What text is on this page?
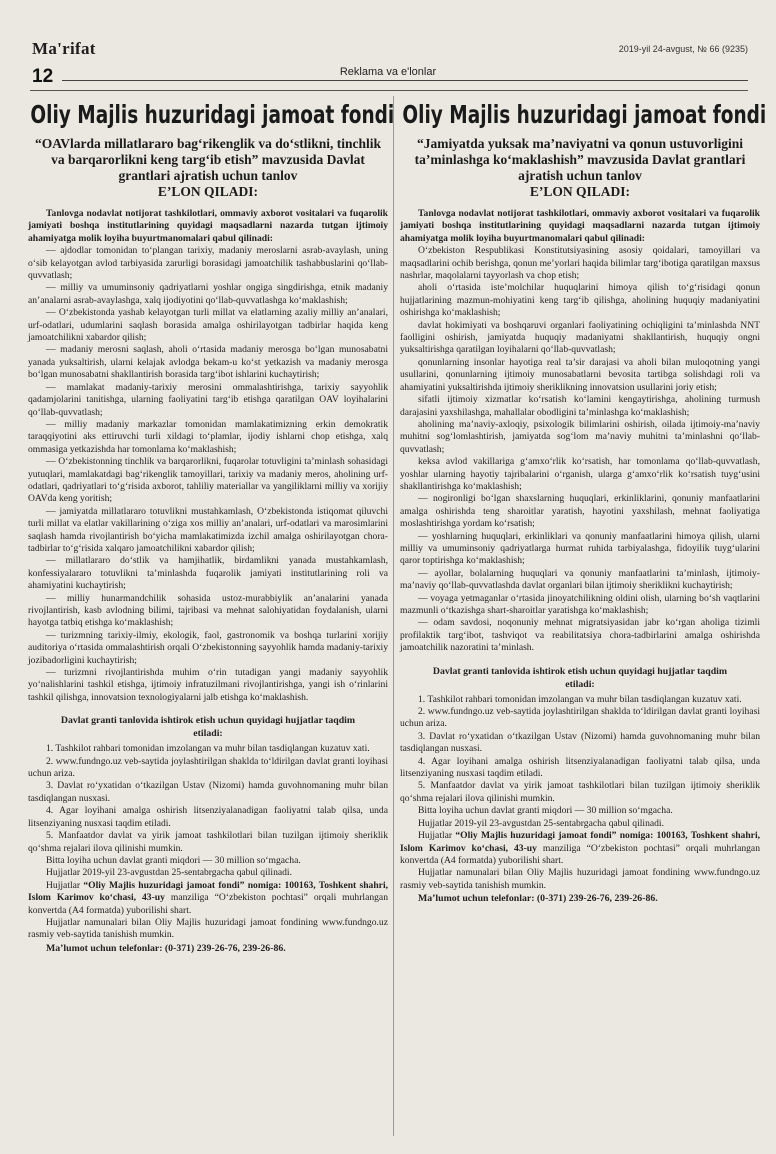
Ma'rifat	2019-yil 24-avgust, № 66 (9235)
12	Reklama va e'lonlar
Oliy Majlis huzuridagi jamoat fondi
“OAVlarda millatlararo bag‘rikenglik va do‘stlikni, tinchlik va barqarorlikni keng targ‘ib etish” mavzusida Davlat grantlari ajratish uchun tanlov
E’LON QILADI:

Tanlovga nodavlat notijorat tashkilotlari, ommaviy axborot vositalari va fuqarolik jamiyati boshqa institutlarining quyidagi maqsadlarni nazarda tutgan ijtimoiy ahamiyatga molik loyiha buyurtmanomalari qabul qilinadi:

— ajdodlar tomonidan to‘plangan tarixiy, madaniy meroslarni asrab-avaylash, uning o‘sib kelayotgan avlod tarbiyasida zarurligi borasidagi jamoatchilik tashabbuslarini qo‘llab-quvvatlash;

— milliy va umuminsoniy qadriyatlarni yoshlar ongiga singdirishga, etnik madaniy an’analarni asrab-avaylashga, xalq ijodiyotini qo‘llab-quvvatlashga ko‘maklashish;

— O‘zbekistonda yashab kelayotgan turli millat va elatlarning azaliy milliy an’analari, urf-odatlari, udumlarini saqlash borasida amalga oshirilayotgan tadbirlar haqida keng jamoatchilikni xabardor qilish;

— madaniy merosni saqlash, aholi o‘rtasida madaniy merosga bo‘lgan munosabatni yanada yuksaltirish, ularni kelajak avlodga bekam-u ko‘st yetkazish va madaniy merosga bo‘lgan munosabatni shakllantirish borasida targ‘ibot ishlarini kuchaytirish;

— mamlakat madaniy-tarixiy merosini ommalashtirishga, tarixiy sayyohlik qadamjolarini tanitishga, ularning faoliyatini targ‘ib etishga qaratilgan OAV loyihalarini qo‘llab-quvvatlash;

— milliy madaniy markazlar tomonidan mamlakatimizning erkin demokratik taraqqiyotini aks ettiruvchi turli xildagi to‘plamlar, ijodiy ishlarni chop etishga, xalq ommasiga yetkazishda har tomonlama ko‘maklashish;

— O‘zbekistonning tinchlik va barqarorlikni, fuqarolar totuvligini ta’minlash sohasidagi yutuqlari, mamlakatdagi bag‘rikenglik tamoyillari, tarixiy va madaniy meros, aholining urf-odatlari, qadriyatlari to‘g‘risida axborot, tahliliy materiallar va yangiliklarni milliy va xorijiy OAVda keng yoritish;

— jamiyatda millatlararo totuvlikni mustahkamlash, O‘zbekistonda istiqomat qiluvchi turli millat va elatlar vakillarining o‘ziga xos milliy an’analari, urf-odatlari va marosimlarini saqlash hamda rivojlantirish bo‘yicha mamlakatimizda izchil amalga oshirilayotgan chora-tadbirlar to‘g‘risida xalqaro jamoatchilikni xabardor qilish;

— millatlararo do‘stlik va hamjihatlik, birdamlikni yanada mustahkamlash, konfessiyalararo totuvlikni ta’minlashda fuqarolik jamiyati institutlarining roli va ahamiyatini kuchaytirish;

— milliy hunarmandchilik sohasida ustoz-murabbiylik an’analarini yanada rivojlantirish, kasb avlodning bilimi, tajribasi va mehnat salohiyatidan foydalanish, ularni hayotga tatbiq etishga ko‘maklashish;

— turizmning tarixiy-ilmiy, ekologik, faol, gastronomik va boshqa turlarini xorijiy auditoriya o‘rtasida ommalashtirish orqali O‘zbekistonning sayyohlik hamda madaniy-tarixiy jozibadorligini kuchaytirish;

— turizmni rivojlantirishda muhim o‘rin tutadigan yangi madaniy sayyohlik yo‘nalishlarini tashkil etishga, ijtimoiy infratuzilmani rivojlantirishga, yangi ish o‘rinlarini tashkil qilishga, innovatsion texnologiyalarni jalb etishga ko‘maklashish.

Davlat granti tanlovida ishtirok etish uchun quyidagi hujjatlar taqdim etiladi:

1. Tashkilot rahbari tomonidan imzolangan va muhr bilan tasdiqlangan kuzatuv xati.

2. www.fundngo.uz veb-saytida joylashtirilgan shaklda to‘ldirilgan davlat granti loyihasi uchun ariza.

3. Davlat ro‘yxatidan o‘tkazilgan Ustav (Nizomi) hamda guvohnomaning muhr bilan tasdiqlangan nusxasi.

4. Agar loyihani amalga oshirish litsenziyalanadigan faoliyatni talab qilsa, unda litsenziyaning nusxasi taqdim etiladi.

5. Manfaatdor davlat va yirik jamoat tashkilotlari bilan tuzilgan ijtimoiy sheriklik qo‘shma rejalari ilova qilinishi mumkin.

Bitta loyiha uchun davlat granti miqdori — 30 million so‘mgacha.

Hujjatlar 2019-yil 23-avgustdan 25-sentabrgacha qabul qilinadi.

Hujjatlar “Oliy Majlis huzuridagi jamoat fondi” nomiga: 100163, Toshkent shahri, Islom Karimov ko‘chasi, 43-uy manziliga “O‘zbekiston pochtasi” orqali muhrlangan konvertda (A4 formatda) yuborilishi shart.

Hujjatlar namunalari bilan Oliy Majlis huzuridagi jamoat fondining www.fundngo.uz rasmiy veb-saytida tanishish mumkin.

Ma’lumot uchun telefonlar: (0-371) 239-26-76, 239-26-86.

Oliy Majlis huzuridagi jamoat fondi
“Jamiyatda yuksak ma’naviyatni va qonun ustuvorligini ta’minlashga ko‘maklashish” mavzusida Davlat grantlari ajratish uchun tanlov
E’LON QILADI:

Tanlovga nodavlat notijorat tashkilotlari, ommaviy axborot vositalari va fuqarolik jamiyati boshqa institutlarining quyidagi maqsadlarni nazarda tutgan ijtimoiy ahamiyatga molik loyiha buyurtmanomalari qabul qilinadi:

O‘zbekiston Respublikasi Konstitutsiyasining asosiy qoidalari, tamoyillari va maqsadlarini ochib berishga, qonun me’yorlari haqida bilimlar targ‘ibotiga qaratilgan maxsus nashrlar, maqolalarni tayyorlash va chop etish;

aholi o‘rtasida iste’molchilar huquqlarini himoya qilish to‘g‘risidagi qonun hujjatlarining mazmun-mohiyatini keng targ‘ib qilishga, aholining huquqiy madaniyatini oshirishga ko‘maklashish;

davlat hokimiyati va boshqaruvi organlari faoliyatining ochiqligini ta’minlashda NNT faolligini oshirish, jamiyatda huquqiy madaniyatni shakllantirish, huquqiy ongni yuksaltirishga qaratilgan loyihalarni qo‘llab-quvvatlash;

qonunlarning insonlar hayotiga real ta’sir darajasi va aholi bilan muloqotning yangi usullarini, qonunlarning ijtimoiy munosabatlarni bevosita tartibga solishdagi roli va ahamiyatini yuksaltirishda ijtimoiy sheriklikning innovatsion usullarini joriy etish;

sifatli ijtimoiy xizmatlar ko‘rsatish ko‘lamini kengaytirishga, aholining turmush darajasini yaxshilashga, mahallalar obodligini ta’minlashga ko‘maklashish;

aholining ma’naviy-axloqiy, psixologik bilimlarini oshirish, oilada ijtimoiy-ma’naviy muhitni sog‘lomlashtirish, jamiyatda sog‘lom ma’naviy muhitni ta’minlashni qo‘llab-quvvatlash;

keksa avlod vakillariga g‘amxo‘rlik ko‘rsatish, har tomonlama qo‘llab-quvvatlash, yoshlar ularning hayotiy tajribalarini o‘rganish, ularga g‘amxo‘rlik ko‘rsatish tuyg‘usini shakllantirishga ko‘maklashish;

— nogironligi bo‘lgan shaxslarning huquqlari, erkinliklarini, qonuniy manfaatlarini amalga oshirishda teng sharoitlar yaratish, hayotini yaxshilash, mehnat faoliyatiga moslashtirishga yordam ko‘rsatish;

— yoshlarning huquqlari, erkinliklari va qonuniy manfaatlarini himoya qilish, ularni milliy va umuminsoniy qadriyatlarga hurmat ruhida tarbiyalashga, fidoyilik tuyg‘ularini qaror toptirishga ko‘maklashish;

— ayollar, bolalarning huquqlari va qonuniy manfaatlarini ta’minlash, ijtimoiy-ma’naviy qo‘llab-quvvatlashda davlat organlari bilan ijtimoiy sheriklikni kuchaytirish;

— voyaga yetmaganlar o‘rtasida jinoyatchilikning oldini olish, ularning bo‘sh vaqtlarini mazmunli o‘tkazishga shart-sharoitlar yaratishga ko‘maklashish;

— odam savdosi, noqonuniy mehnat migratsiyasidan jabr ko‘rgan aholiga tizimli profilaktik targ‘ibot, tashviqot va reabilitatsiya chora-tadbirlarini amalga oshirishda jamoatchilik nazoratini ta’minlash.

Davlat granti tanlovida ishtirok etish uchun quyidagi hujjatlar taqdim etiladi:

1. Tashkilot rahbari tomonidan imzolangan va muhr bilan tasdiqlangan kuzatuv xati.

2. www.fundngo.uz veb-saytida joylashtirilgan shaklda to‘ldirilgan davlat granti loyihasi uchun ariza.

3. Davlat ro‘yxatidan o‘tkazilgan Ustav (Nizomi) hamda guvohnomaning muhr bilan tasdiqlangan nusxasi.

4. Agar loyihani amalga oshirish litsenziyalanadigan faoliyatni talab qilsa, unda litsenziyaning nusxasi taqdim etiladi.

5. Manfaatdor davlat va yirik jamoat tashkilotlari bilan tuzilgan ijtimoiy sheriklik qo‘shma rejalari ilova qilinishi mumkin.

Bitta loyiha uchun davlat granti miqdori — 30 million so‘mgacha.

Hujjatlar 2019-yil 23-avgustdan 25-sentabrgacha qabul qilinadi.

Hujjatlar “Oliy Majlis huzuridagi jamoat fondi” nomiga: 100163, Toshkent shahri, Islom Karimov ko‘chasi, 43-uy manziliga “O‘zbekiston pochtasi” orqali muhrlangan konvertda (A4 formatda) yuborilishi shart.

Hujjatlar namunalari bilan Oliy Majlis huzuridagi jamoat fondining www.fundngo.uz rasmiy veb-saytida tanishish mumkin.

Ma’lumot uchun telefonlar: (0-371) 239-26-76, 239-26-86.
